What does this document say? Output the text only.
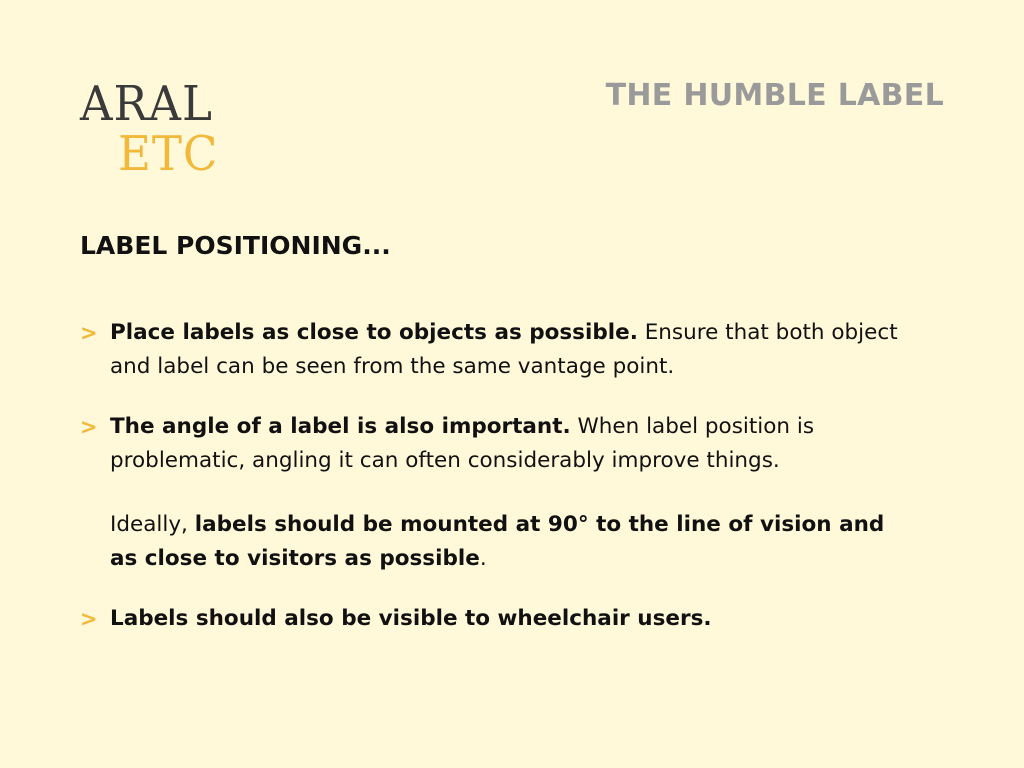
ARAL
ETC
THE HUMBLE LABEL
LABEL POSITIONING...
> Place labels as close to objects as possible. Ensure that both object and label can be seen from the same vantage point.

> The angle of a label is also important. When label position is problematic, angling it can often considerably improve things.

Ideally, labels should be mounted at 90° to the line of vision and as close to visitors as possible.

> Labels should also be visible to wheelchair users.
